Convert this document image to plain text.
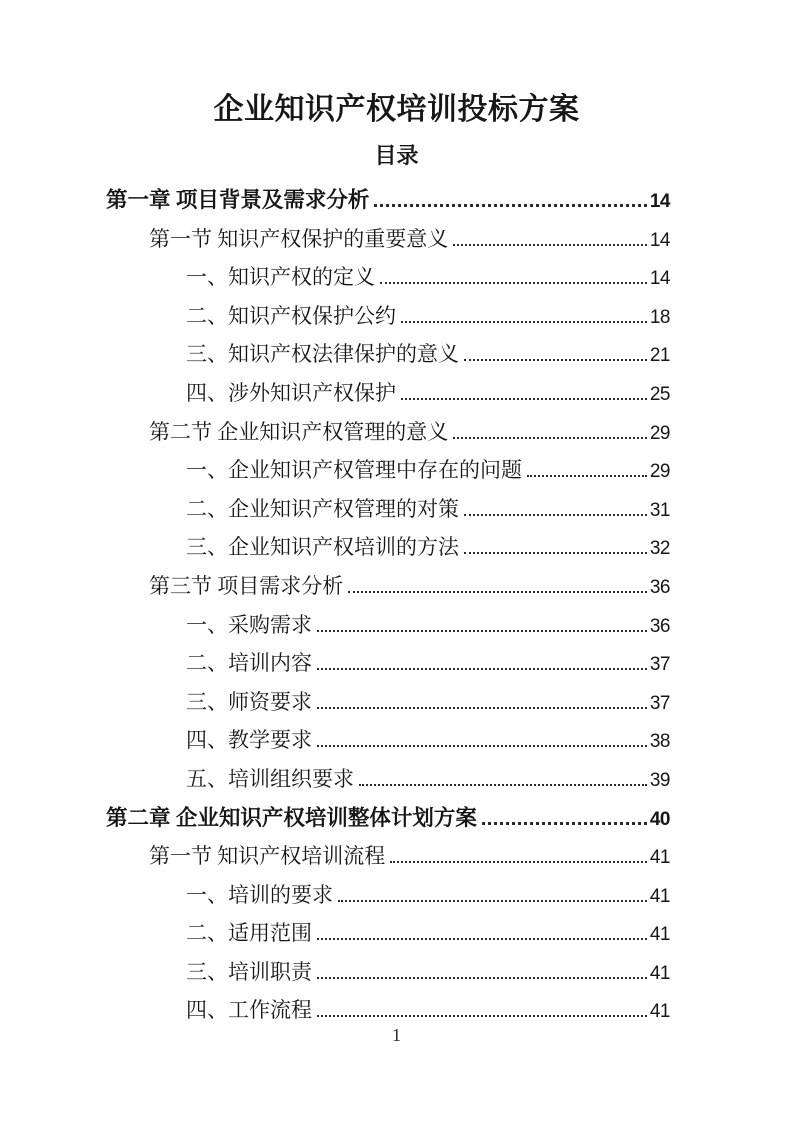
企业知识产权培训投标方案
目录
第一章 项目背景及需求分析	14
第一节 知识产权保护的重要意义	14
一、知识产权的定义	14
二、知识产权保护公约	18
三、知识产权法律保护的意义	21
四、涉外知识产权保护	25
第二节 企业知识产权管理的意义	29
一、企业知识产权管理中存在的问题	29
二、企业知识产权管理的对策	31
三、企业知识产权培训的方法	32
第三节 项目需求分析	36
一、采购需求	36
二、培训内容	37
三、师资要求	37
四、教学要求	38
五、培训组织要求	39
第二章 企业知识产权培训整体计划方案	40
第一节 知识产权培训流程	41
一、培训的要求	41
二、适用范围	41
三、培训职责	41
四、工作流程	41
1
